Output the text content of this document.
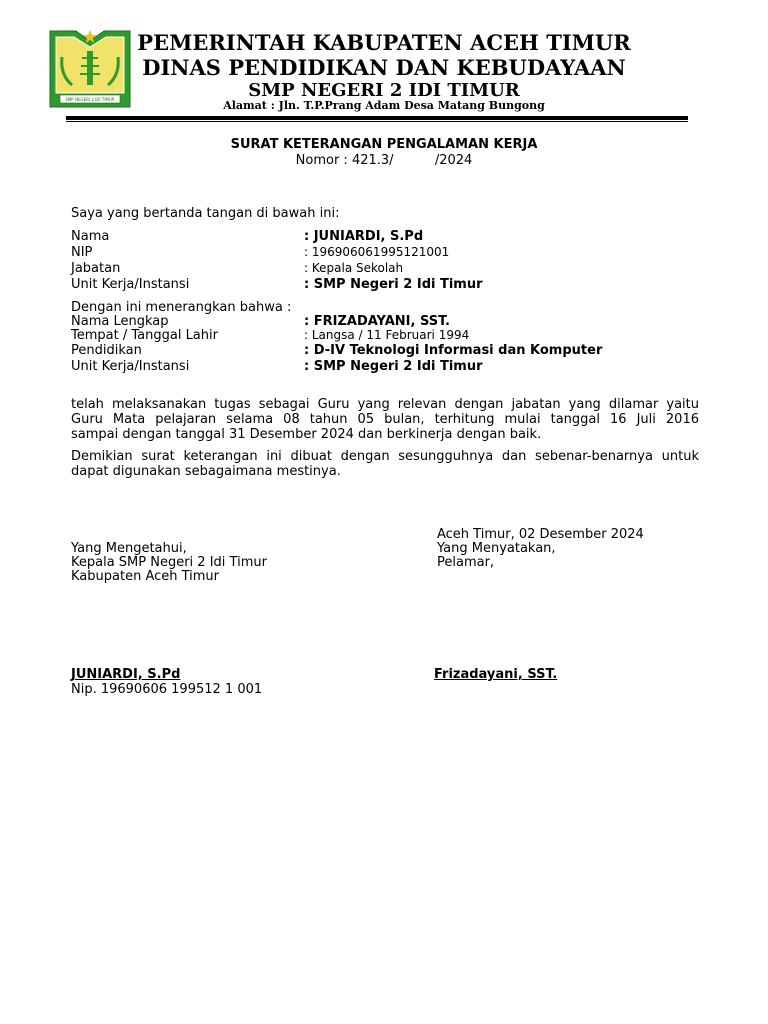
SMP NEGERI 2 IDI TIMUR
PEMERINTAH KABUPATEN ACEH TIMUR
DINAS PENDIDIKAN DAN KEBUDAYAAN
SMP NEGERI 2 IDI TIMUR
Alamat : Jln. T.P.Prang Adam Desa Matang Bungong
SURAT KETERANGAN PENGALAMAN KERJA
Nomor : 421.3/          /2024
Saya yang bertanda tangan di bawah ini:
Nama	: JUNIARDI, S.Pd
NIP	: 196906061995121001
Jabatan	: Kepala Sekolah
Unit Kerja/Instansi	: SMP Negeri 2 Idi Timur
Dengan ini menerangkan bahwa :
Nama Lengkap	: FRIZADAYANI, SST.
Tempat / Tanggal Lahir	: Langsa / 11 Februari 1994
Pendidikan	: D-IV Teknologi Informasi dan Komputer
Unit Kerja/Instansi	: SMP Negeri 2 Idi Timur
telah melaksanakan tugas sebagai Guru yang relevan dengan jabatan yang dilamar yaitu
Guru Mata pelajaran selama 08 tahun 05 bulan, terhitung mulai tanggal 16 Juli 2016
sampai dengan tanggal 31 Desember 2024 dan berkinerja dengan baik.
Demikian surat keterangan ini dibuat dengan sesungguhnya dan sebenar-benarnya untuk
dapat digunakan sebagaimana mestinya.
Aceh Timur, 02 Desember 2024
Yang Mengetahui,
Kepala SMP Negeri 2 Idi Timur
Kabupaten Aceh Timur
Yang Menyatakan,
Pelamar,
JUNIARDI, S.Pd
Nip. 19690606 199512 1 001
Frizadayani, SST.
